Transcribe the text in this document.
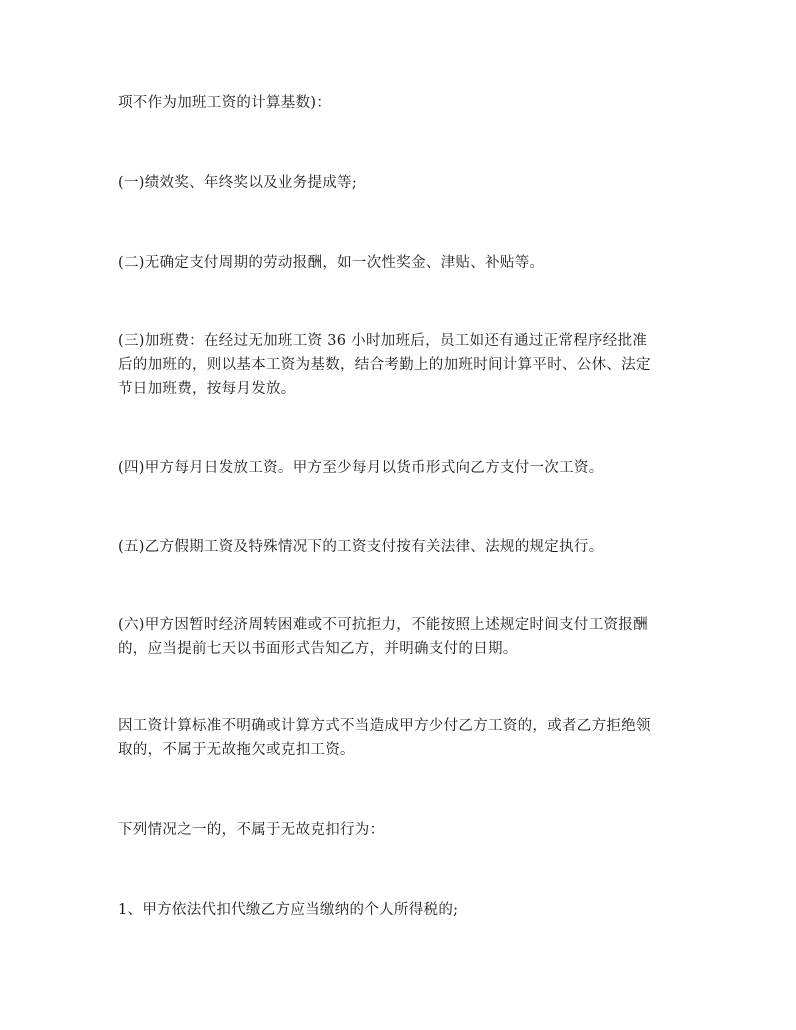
项不作为加班工资的计算基数)：

(一)绩效奖、年终奖以及业务提成等;

(二)无确定支付周期的劳动报酬，如一次性奖金、津贴、补贴等。

(三)加班费：在经过无加班工资 36 小时加班后，员工如还有通过正常程序经批准
后的加班的，则以基本工资为基数，结合考勤上的加班时间计算平时、公休、法定
节日加班费，按每月发放。

(四)甲方每月日发放工资。甲方至少每月以货币形式向乙方支付一次工资。

(五)乙方假期工资及特殊情况下的工资支付按有关法律、法规的规定执行。

(六)甲方因暂时经济周转困难或不可抗拒力，不能按照上述规定时间支付工资报酬
的，应当提前七天以书面形式告知乙方，并明确支付的日期。

因工资计算标准不明确或计算方式不当造成甲方少付乙方工资的，或者乙方拒绝领
取的，不属于无故拖欠或克扣工资。

下列情况之一的，不属于无故克扣行为：

1、甲方依法代扣代缴乙方应当缴纳的个人所得税的;
